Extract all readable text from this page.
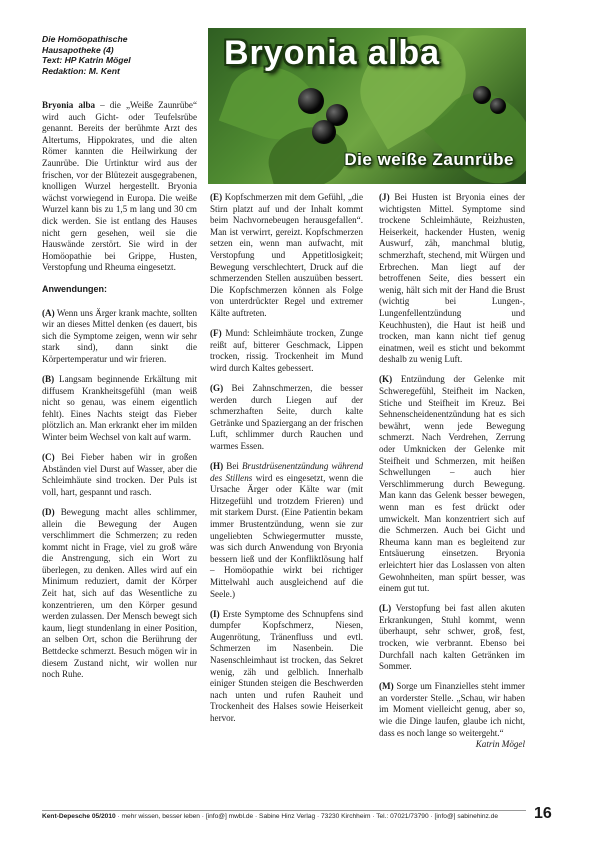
Die Homöopathische
Hausapotheke (4)
Text: HP Katrin Mögel
Redaktion: M. Kent	Bryonia alba
Die weiße Zaunrübe

Bryonia alba – die „Weiße Zaunrübe“ wird auch Gicht- oder Teufelsrübe genannt. Bereits der berühmte Arzt des Altertums, Hippokrates, und die alten Römer kannten die Heilwirkung der Zaunrübe. Die Urtinktur wird aus der frischen, vor der Blütezeit ausgegrabenen, knolligen Wurzel hergestellt. Bryonia wächst vorwiegend in Europa. Die weiße Wurzel kann bis zu 1,5 m lang und 30 cm dick werden. Sie ist entlang des Hauses nicht gern gesehen, weil sie die Hauswände zerstört. Sie wird in der Homöopathie bei Grippe, Husten, Verstopfung und Rheuma eingesetzt.

Anwendungen:

(A) Wenn uns Ärger krank machte, sollten wir an dieses Mittel denken (es dauert, bis sich die Symptome zeigen, wenn wir sehr stark sind), dann sinkt die Körpertemperatur und wir frieren.

(B) Langsam beginnende Erkältung mit diffusem Krankheitsgefühl (man weiß nicht so genau, was einem eigentlich fehlt). Eines Nachts steigt das Fieber plötzlich an. Man erkrankt eher im milden Winter beim Wechsel von kalt auf warm.

(C) Bei Fieber haben wir in großen Abständen viel Durst auf Wasser, aber die Schleimhäute sind trocken. Der Puls ist voll, hart, gespannt und rasch.

(D) Bewegung macht alles schlimmer, allein die Bewegung der Augen verschlimmert die Schmerzen; zu reden kommt nicht in Frage, viel zu groß wäre die Anstrengung, sich ein Wort zu überlegen, zu denken. Alles wird auf ein Minimum reduziert, damit der Körper Zeit hat, sich auf das Wesentliche zu konzentrieren, um den Körper gesund werden zulassen. Der Mensch bewegt sich kaum, liegt stundenlang in einer Position, an selben Ort, schon die Berührung der Bettdecke schmerzt. Besuch mögen wir in diesem Zustand nicht, wir wollen nur noch Ruhe.

(E) Kopfschmerzen mit dem Gefühl, „die Stirn platzt auf und der Inhalt kommt beim Nachvornebeugen herausgefallen“. Man ist verwirrt, gereizt. Kopfschmerzen setzen ein, wenn man aufwacht, mit Verstopfung und Appetitlosigkeit; Bewegung verschlechtert, Druck auf die schmerzenden Stellen auszuüben bessert. Die Kopfschmerzen können als Folge von unterdrückter Regel und extremer Kälte auftreten.

(F) Mund: Schleimhäute trocken, Zunge reißt auf, bitterer Geschmack, Lippen trocken, rissig. Trockenheit im Mund wird durch Kaltes gebessert.

(G) Bei Zahnschmerzen, die besser werden durch Liegen auf der schmerzhaften Seite, durch kalte Getränke und Spaziergang an der frischen Luft, schlimmer durch Rauchen und warmes Essen.

(H) Bei Brustdrüsenentzündung während des Stillens wird es eingesetzt, wenn die Ursache Ärger oder Kälte war (mit Hitzegefühl und trotzdem Frieren) und mit starkem Durst. (Eine Patientin bekam immer Brustentzündung, wenn sie zur ungeliebten Schwiegermutter musste, was sich durch Anwendung von Bryonia bessern ließ und der Konfliktlösung half – Homöopathie wirkt bei richtiger Mittelwahl auch ausgleichend auf die Seele.)

(I) Erste Symptome des Schnupfens sind dumpfer Kopfschmerz, Niesen, Augenrötung, Tränenfluss und evtl. Schmerzen im Nasenbein. Die Nasenschleimhaut ist trocken, das Sekret wenig, zäh und gelblich. Innerhalb einiger Stunden steigen die Beschwerden nach unten und rufen Rauheit und Trockenheit des Halses sowie Heiserkeit hervor.

(J) Bei Husten ist Bryonia eines der wichtigsten Mittel. Symptome sind trockene Schleimhäute, Reizhusten, Heiserkeit, hackender Husten, wenig Auswurf, zäh, manchmal blutig, schmerzhaft, stechend, mit Würgen und Erbrechen. Man liegt auf der betroffenen Seite, dies bessert ein wenig, hält sich mit der Hand die Brust (wichtig bei Lungen-, Lungenfellentzündung und Keuchhusten), die Haut ist heiß und trocken, man kann nicht tief genug einatmen, weil es sticht und bekommt deshalb zu wenig Luft.

(K) Entzündung der Gelenke mit Schweregefühl, Steifheit im Nacken, Stiche und Steifheit im Kreuz. Bei Sehnenscheidenentzündung hat es sich bewährt, wenn jede Bewegung schmerzt. Nach Verdrehen, Zerrung oder Umknicken der Gelenke mit Steifheit und Schmerzen, mit heißen Schwellungen – auch hier Verschlimmerung durch Bewegung. Man kann das Gelenk besser bewegen, wenn man es fest drückt oder umwickelt. Man konzentriert sich auf die Schmerzen. Auch bei Gicht und Rheuma kann man es begleitend zur Entsäuerung einsetzen. Bryonia erleichtert hier das Loslassen von alten Gewohnheiten, man spürt besser, was einem gut tut.

(L) Verstopfung bei fast allen akuten Erkrankungen, Stuhl kommt, wenn überhaupt, sehr schwer, groß, fest, trocken, wie verbrannt. Ebenso bei Durchfall nach kalten Getränken im Sommer.

(M) Sorge um Finanzielles steht immer an vorderster Stelle. „Schau, wir haben im Moment vielleicht genug, aber so, wie die Dinge laufen, glaube ich nicht, dass es noch lange so weitergeht.“

Katrin Mögel
Kent-Depesche 05/2010 · mehr wissen, besser leben · [info@] mwbl.de · Sabine Hinz Verlag · 73230 Kirchheim · Tel.: 07021/73790 · [info@] sabinehinz.de	16
